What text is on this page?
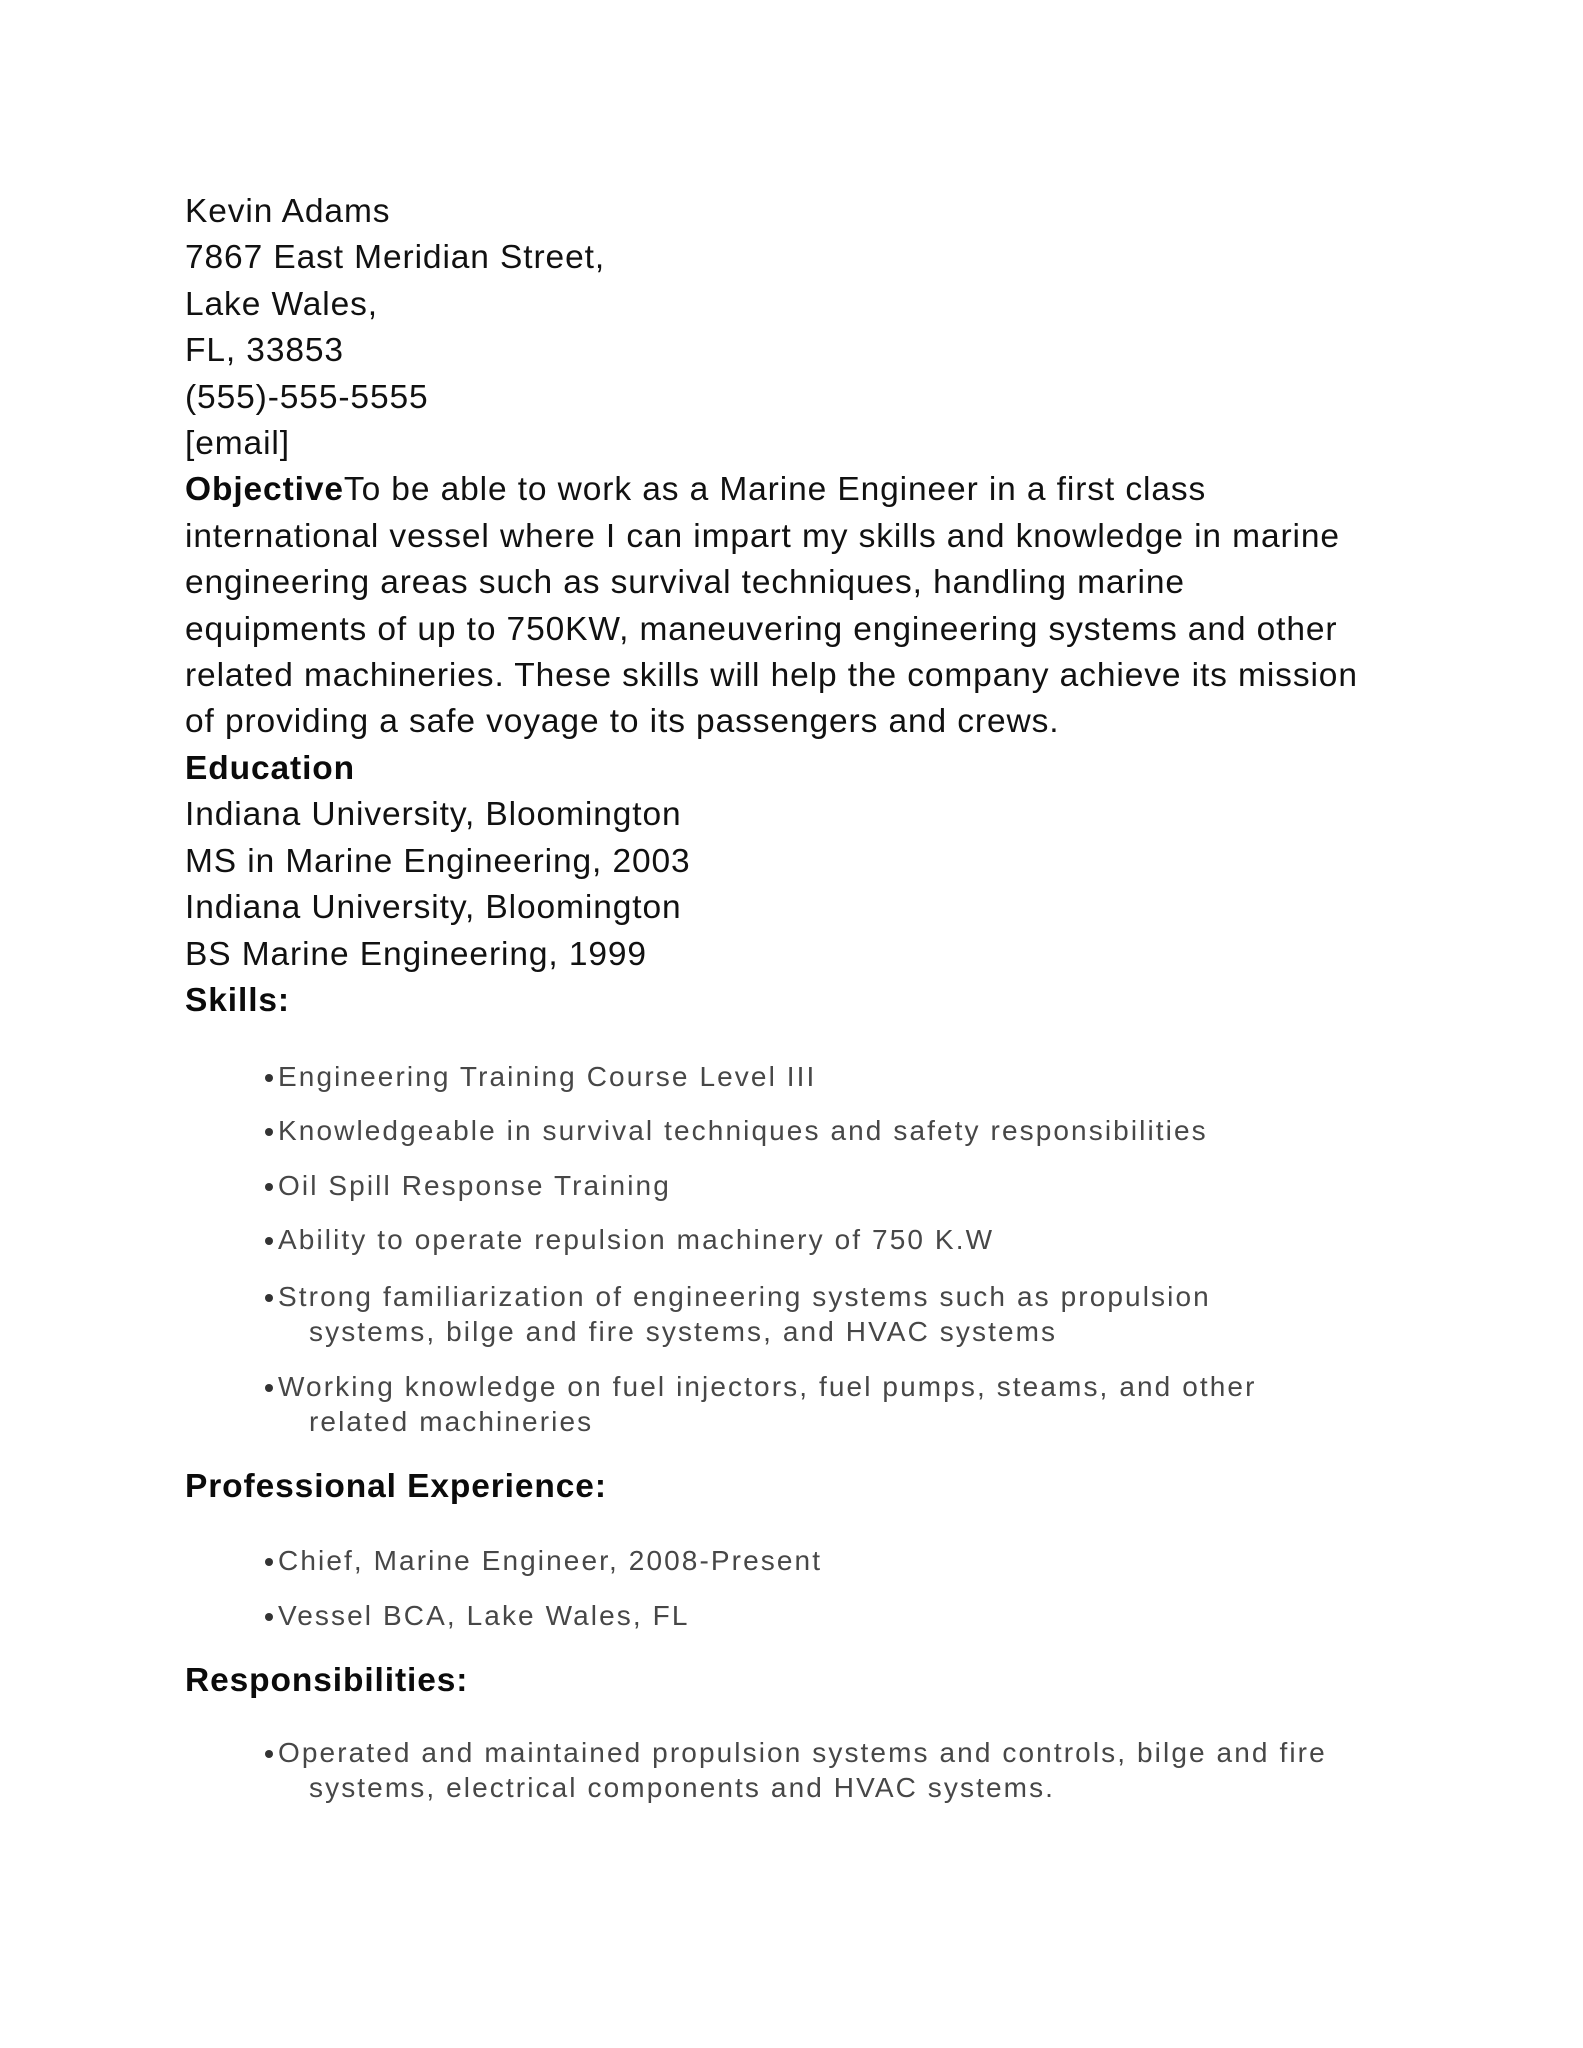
Kevin Adams
7867 East Meridian Street,
Lake Wales,
FL, 33853
(555)-555-5555
[email]
ObjectiveTo be able to work as a Marine Engineer in a first class
international vessel where I can impart my skills and knowledge in marine
engineering areas such as survival techniques, handling marine
equipments of up to 750KW, maneuvering engineering systems and other
related machineries. These skills will help the company achieve its mission
of providing a safe voyage to its passengers and crews.
Education
Indiana University, Bloomington
MS in Marine Engineering, 2003
Indiana University, Bloomington
BS Marine Engineering, 1999
Skills:
Engineering Training Course Level III
Knowledgeable in survival techniques and safety responsibilities
Oil Spill Response Training
Ability to operate repulsion machinery of 750 K.W
Strong familiarization of engineering systems such as propulsion
systems, bilge and fire systems, and HVAC systems
Working knowledge on fuel injectors, fuel pumps, steams, and other
related machineries
Professional Experience:
Chief, Marine Engineer, 2008-Present
Vessel BCA, Lake Wales, FL
Responsibilities:
Operated and maintained propulsion systems and controls, bilge and fire
systems, electrical components and HVAC systems.
